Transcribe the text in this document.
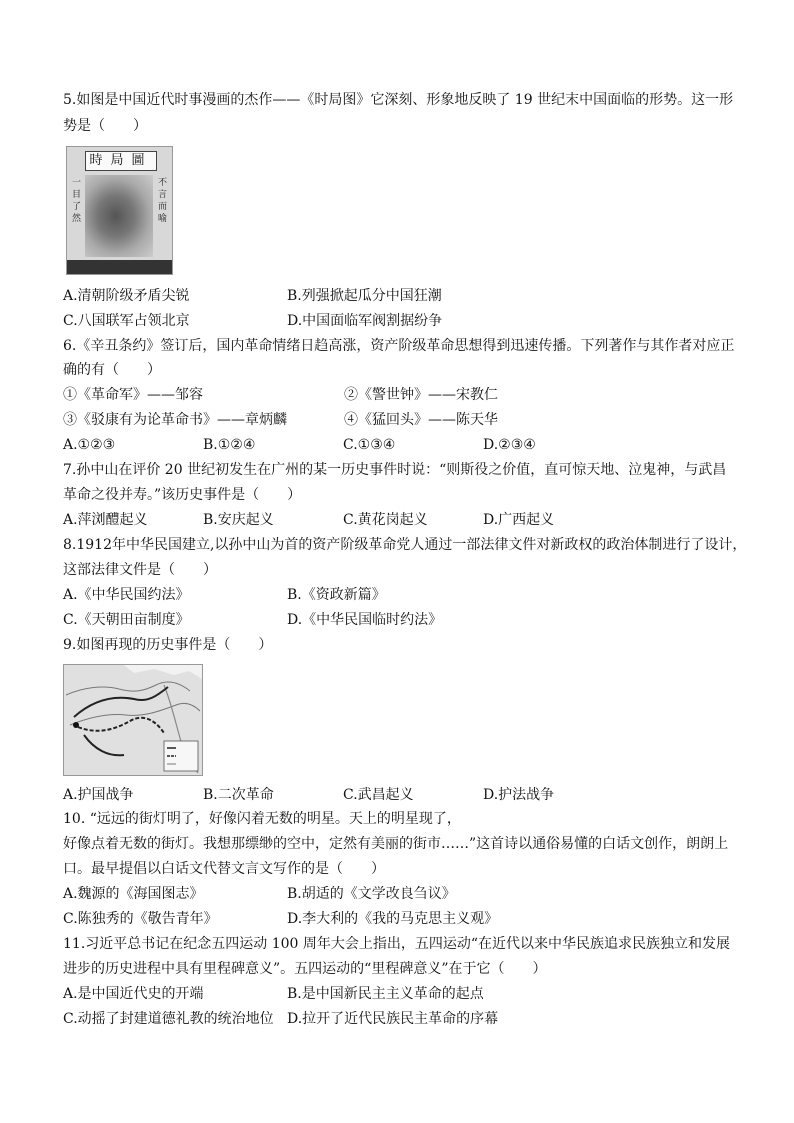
5.如图是中国近代时事漫画的杰作——《时局图》它深刻、形象地反映了 19 世纪末中国面临的形势。这一形
势是（　　）
時局圖
一目了然
不言而喻
A.清朝阶级矛盾尖锐	B.列强掀起瓜分中国狂潮
C.八国联军占领北京	D.中国面临军阀割据纷争
6.《辛丑条约》签订后，国内革命情绪日趋高涨，资产阶级革命思想得到迅速传播。下列著作与其作者对应正
确的有（　　）
①《革命军》——邹容	②《警世钟》——宋教仁
③《驳康有为论革命书》——章炳麟	④《猛回头》——陈天华
A.①②③	B.①②④	C.①③④	D.②③④
7.孙中山在评价 20 世纪初发生在广州的某一历史事件时说：“则斯役之价值，直可惊天地、泣鬼神，与武昌
革命之役并寿。”该历史事件是（　　）
A.萍浏醴起义	B.安庆起义	C.黄花岗起义	D.广西起义
8.1912年中华民国建立,以孙中山为首的资产阶级革命党人通过一部法律文件对新政权的政治体制进行了设计，
这部法律文件是（　　）
A.《中华民国约法》	B.《资政新篇》
C.《天朝田亩制度》	D.《中华民国临时约法》
9.如图再现的历史事件是（　　）
A.护国战争	B.二次革命	C.武昌起义	D.护法战争
10. “远远的街灯明了，好像闪着无数的明星。天上的明星现了，
好像点着无数的街灯。我想那缥缈的空中，定然有美丽的街市……”这首诗以通俗易懂的白话文创作，朗朗上
口。最早提倡以白话文代替文言文写作的是（　　）
A.魏源的《海国图志》	B.胡适的《文学改良刍议》
C.陈独秀的《敬告青年》	D.李大利的《我的马克思主义观》
11.习近平总书记在纪念五四运动 100 周年大会上指出，五四运动“在近代以来中华民族追求民族独立和发展
进步的历史进程中具有里程碑意义”。五四运动的“里程碑意义”在于它（　　）
A.是中国近代史的开端	B.是中国新民主主义革命的起点
C.动摇了封建道德礼教的统治地位 D.拉开了近代民族民主革命的序幕
